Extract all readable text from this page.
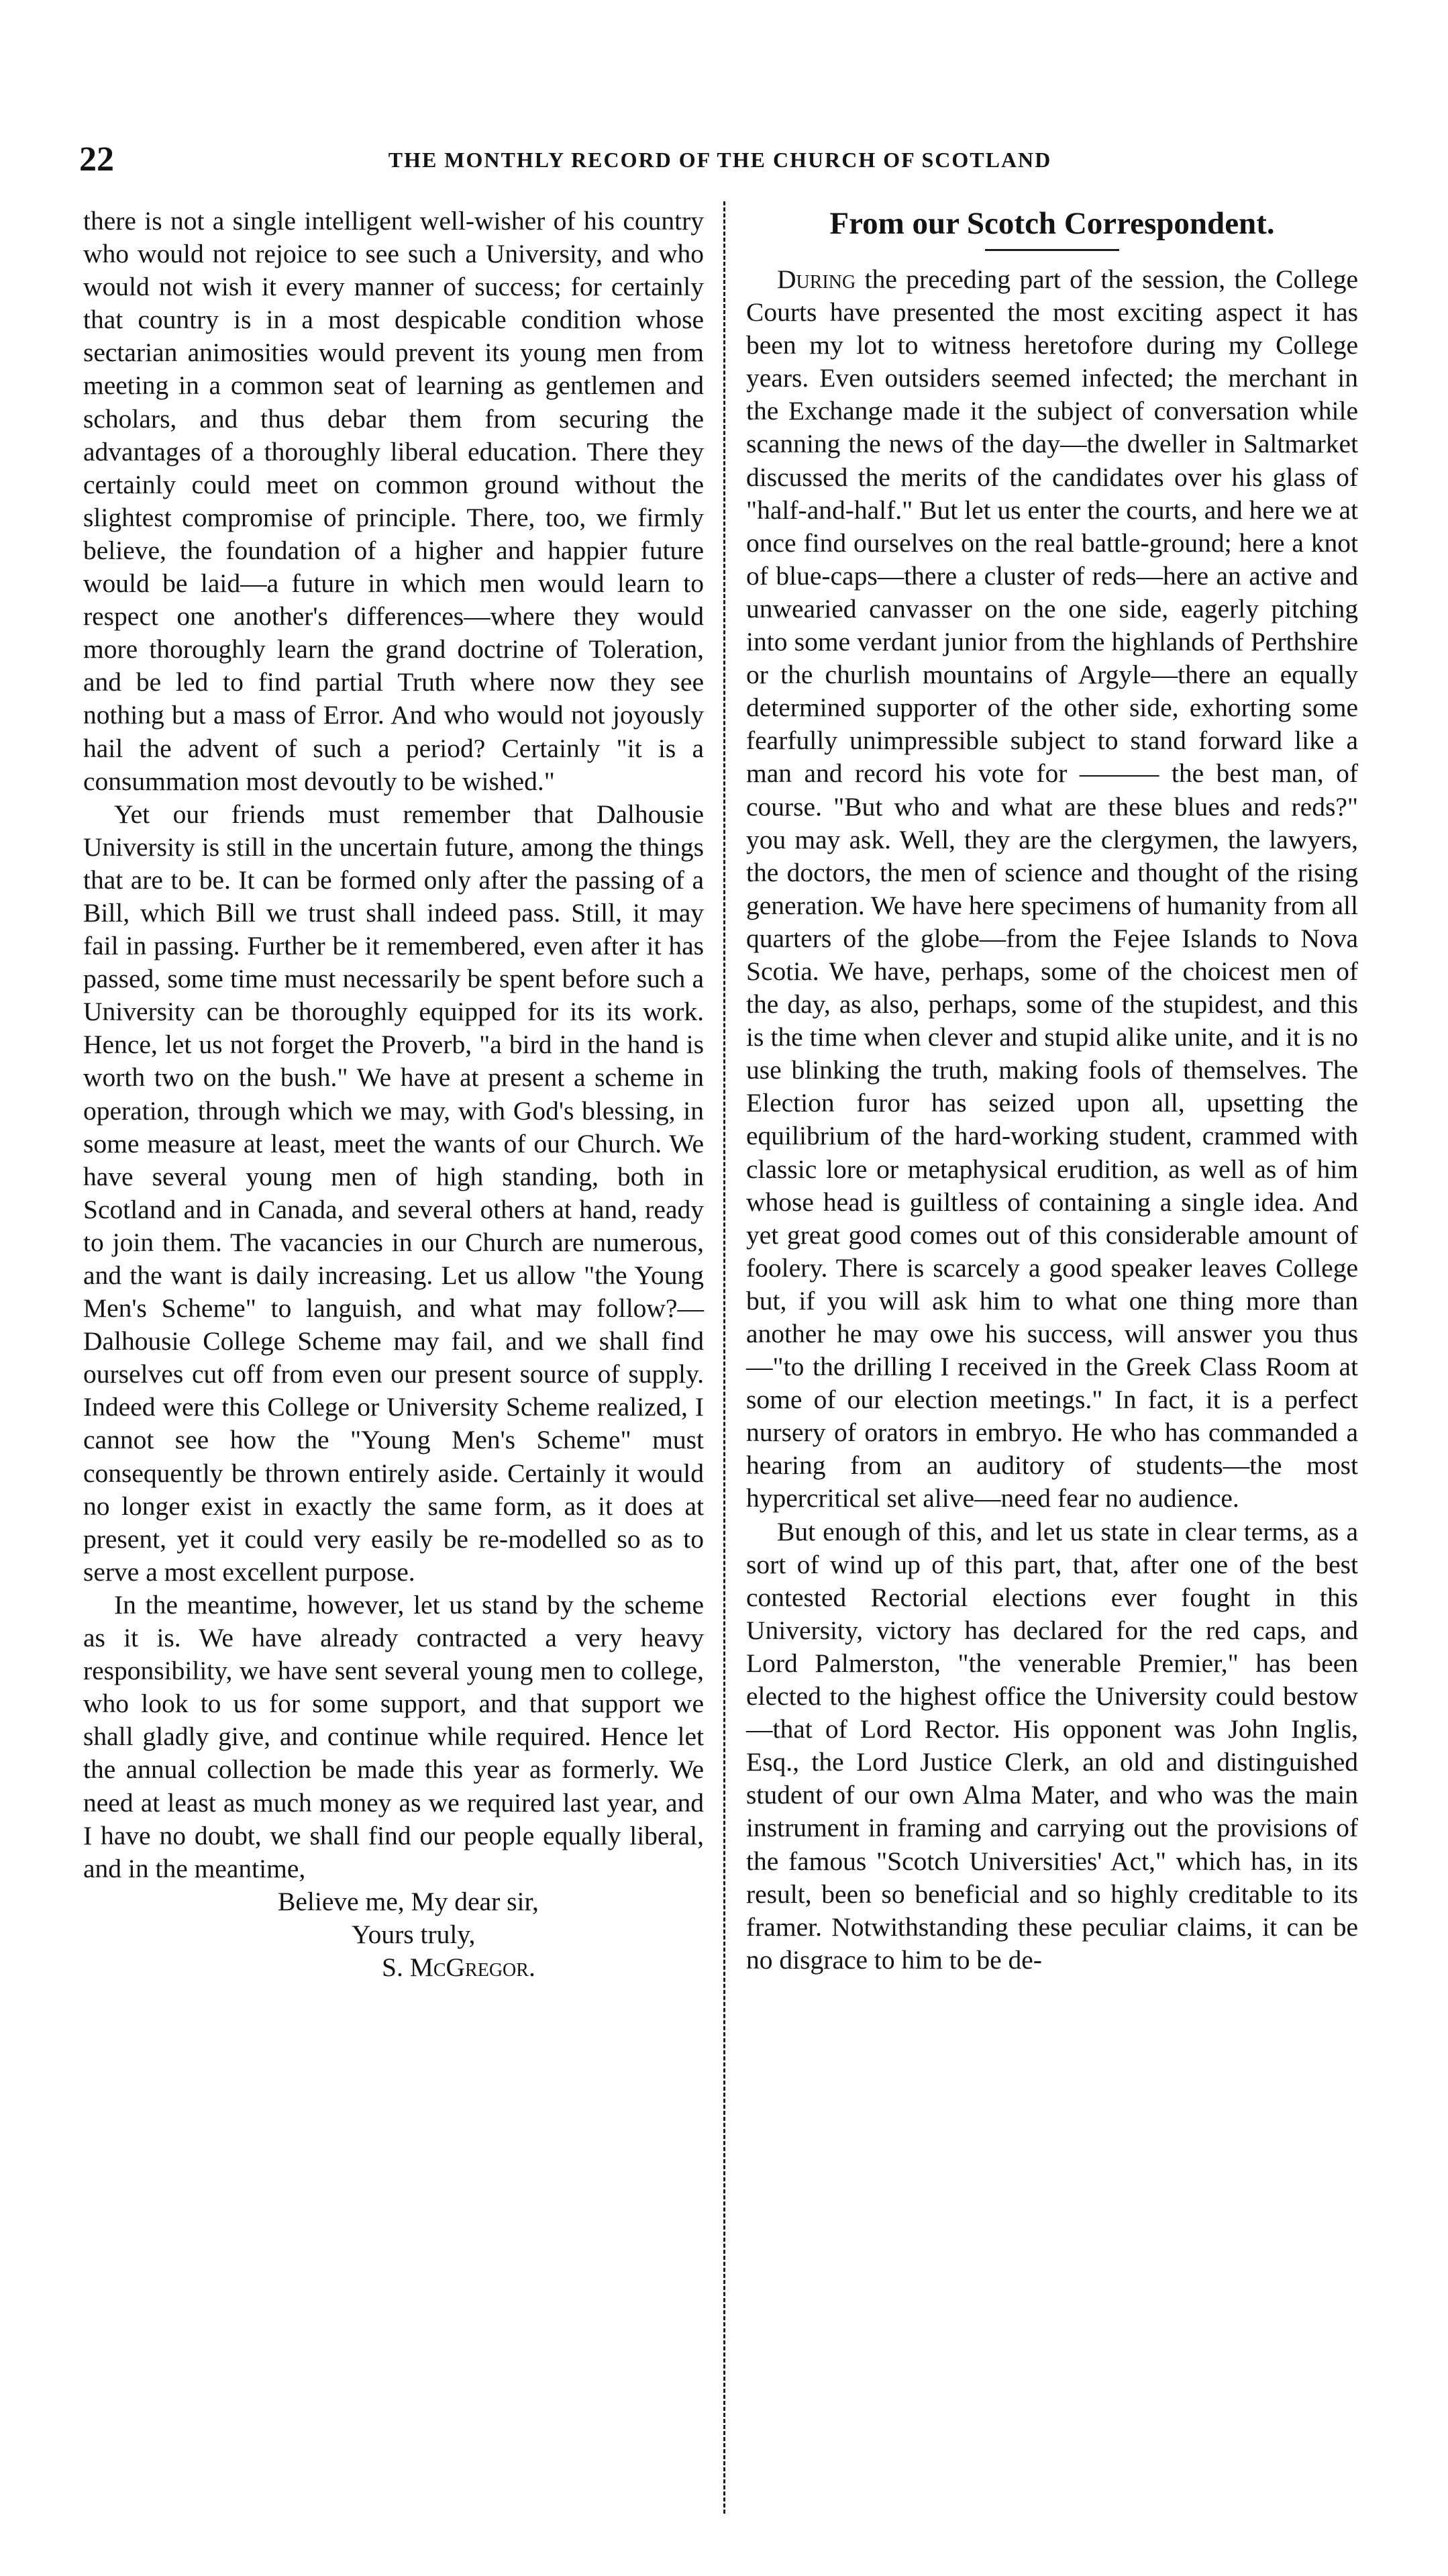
22	THE MONTHLY RECORD OF THE CHURCH OF SCOTLAND

there is not a single intelligent well-wisher of his country who would not rejoice to see such a University, and who would not wish it every manner of success; for certainly that country is in a most despicable condition whose sectarian animosities would prevent its young men from meeting in a common seat of learning as gentlemen and scholars, and thus debar them from securing the advantages of a thoroughly liberal education. There they certainly could meet on common ground without the slightest compromise of principle. There, too, we firmly believe, the foundation of a higher and happier future would be laid—a future in which men would learn to respect one another's differences—where they would more thoroughly learn the grand doctrine of Toleration, and be led to find partial Truth where now they see nothing but a mass of Error. And who would not joyously hail the advent of such a period? Certainly "it is a consummation most devoutly to be wished."

Yet our friends must remember that Dalhousie University is still in the uncertain future, among the things that are to be. It can be formed only after the passing of a Bill, which Bill we trust shall indeed pass. Still, it may fail in passing. Further be it remembered, even after it has passed, some time must necessarily be spent before such a University can be thoroughly equipped for its its work. Hence, let us not forget the Proverb, "a bird in the hand is worth two on the bush." We have at present a scheme in operation, through which we may, with God's blessing, in some measure at least, meet the wants of our Church. We have several young men of high standing, both in Scotland and in Canada, and several others at hand, ready to join them. The vacancies in our Church are numerous, and the want is daily increasing. Let us allow "the Young Men's Scheme" to languish, and what may follow?—Dalhousie College Scheme may fail, and we shall find ourselves cut off from even our present source of supply. Indeed were this College or University Scheme realized, I cannot see how the "Young Men's Scheme" must consequently be thrown entirely aside. Certainly it would no longer exist in exactly the same form, as it does at present, yet it could very easily be re-modelled so as to serve a most excellent purpose.

In the meantime, however, let us stand by the scheme as it is. We have already contracted a very heavy responsibility, we have sent several young men to college, who look to us for some support, and that support we shall gladly give, and continue while required. Hence let the annual collection be made this year as formerly. We need at least as much money as we required last year, and I have no doubt, we shall find our people equally liberal, and in the meantime,

Believe me, My dear sir,

Yours truly,

S. McGregor.

From our Scotch Correspondent.

During the preceding part of the session, the College Courts have presented the most exciting aspect it has been my lot to witness heretofore during my College years. Even outsiders seemed infected; the merchant in the Exchange made it the subject of conversation while scanning the news of the day—the dweller in Saltmarket discussed the merits of the candidates over his glass of "half-and-half." But let us enter the courts, and here we at once find ourselves on the real battle-ground; here a knot of blue-caps—there a cluster of reds—here an active and unwearied canvasser on the one side, eagerly pitching into some verdant junior from the highlands of Perthshire or the churlish mountains of Argyle—there an equally determined supporter of the other side, exhorting some fearfully unimpressible subject to stand forward like a man and record his vote for ——— the best man, of course. "But who and what are these blues and reds?" you may ask. Well, they are the clergymen, the lawyers, the doctors, the men of science and thought of the rising generation. We have here specimens of humanity from all quarters of the globe—from the Fejee Islands to Nova Scotia. We have, perhaps, some of the choicest men of the day, as also, perhaps, some of the stupidest, and this is the time when clever and stupid alike unite, and it is no use blinking the truth, making fools of themselves. The Election furor has seized upon all, upsetting the equilibrium of the hard-working student, crammed with classic lore or metaphysical erudition, as well as of him whose head is guiltless of containing a single idea. And yet great good comes out of this considerable amount of foolery. There is scarcely a good speaker leaves College but, if you will ask him to what one thing more than another he may owe his success, will answer you thus—"to the drilling I received in the Greek Class Room at some of our election meetings." In fact, it is a perfect nursery of orators in embryo. He who has commanded a hearing from an auditory of students—the most hypercritical set alive—need fear no audience.

But enough of this, and let us state in clear terms, as a sort of wind up of this part, that, after one of the best contested Rectorial elections ever fought in this University, victory has declared for the red caps, and Lord Palmerston, "the venerable Premier," has been elected to the highest office the University could bestow—that of Lord Rector. His opponent was John Inglis, Esq., the Lord Justice Clerk, an old and distinguished student of our own Alma Mater, and who was the main instrument in framing and carrying out the provisions of the famous "Scotch Universities' Act," which has, in its result, been so beneficial and so highly creditable to its framer. Notwithstanding these peculiar claims, it can be no disgrace to him to be de-
